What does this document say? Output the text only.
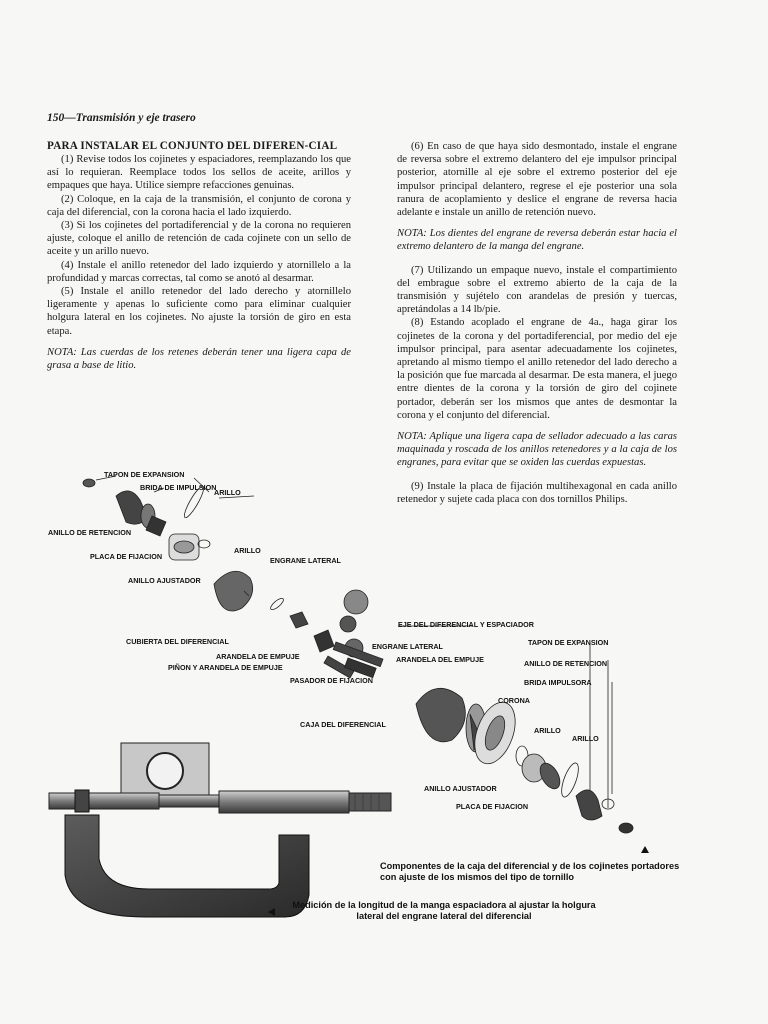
150—Transmisión y eje trasero
PARA INSTALAR EL CONJUNTO DEL DIFEREN-CIAL

(1) Revise todos los cojinetes y espaciadores, reemplazando los que así lo requieran. Reemplace todos los sellos de aceite, arillos y empaques que haya. Utilice siempre refacciones genuinas.

(2) Coloque, en la caja de la transmisión, el conjunto de corona y caja del diferencial, con la corona hacia el lado izquierdo.

(3) Si los cojinetes del portadiferencial y de la corona no requieren ajuste, coloque el anillo de retención de cada cojinete con un sello de aceite y un arillo nuevo.

(4) Instale el anillo retenedor del lado izquierdo y atornillelo a la profundidad y marcas correctas, tal como se anotó al desarmar.

(5) Instale el anillo retenedor del lado derecho y atornillelo ligeramente y apenas lo suficiente como para eliminar cualquier holgura lateral en los cojinetes. No ajuste la torsión de giro en esta etapa.

NOTA: Las cuerdas de los retenes deberán tener una ligera capa de grasa a base de litio.

(6) En caso de que haya sido desmontado, instale el engrane de reversa sobre el extremo delantero del eje impulsor principal posterior, atornille al eje sobre el extremo posterior del eje impulsor principal delantero, regrese el eje posterior una sola ranura de acoplamiento y deslice el engrane de reversa hacia adelante e instale un anillo de retención nuevo.

NOTA: Los dientes del engrane de reversa deberán estar hacia el extremo delantero de la manga del engrane.

(7) Utilizando un empaque nuevo, instale el compartimiento del embrague sobre el extremo abierto de la caja de la transmisión y sujételo con arandelas de presión y tuercas, apretándolas a 14 lb/pie.

(8) Estando acoplado el engrane de 4a., haga girar los cojinetes de la corona y del portadiferencial, por medio del eje impulsor principal, para asentar adecuadamente los cojinetes, apretando al mismo tiempo el anillo retenedor del lado derecho a la posición que fue marcada al desarmar. De esta manera, el juego entre dientes de la corona y la torsión de giro del cojinete portador, deberán ser los mismos que antes de desmontar la corona y el conjunto del diferencial.

NOTA: Aplique una ligera capa de sellador adecuado a las caras maquinada y roscada de los anillos retenedores y a la caja de los engranes, para evitar que se oxiden las cuerdas expuestas.

(9) Instale la placa de fijación multihexagonal en cada anillo retenedor y sujete cada placa con dos tornillos Philips.

TAPON DE EXPANSION
BRIDA DE IMPULSION
ARILLO
ANILLO DE RETENCION
PLACA DE FIJACION
ARILLO
ENGRANE LATERAL
ANILLO AJUSTADOR
CUBIERTA DEL DIFERENCIAL
ARANDELA DE EMPUJE
PIÑON Y ARANDELA DE EMPUJE
EJE DEL DIFERENCIAL Y ESPACIADOR
ENGRANE LATERAL
ARANDELA DEL EMPUJE
PASADOR DE FIJACION
CAJA DEL DIFERENCIAL
TAPON DE EXPANSION
ANILLO DE RETENCION
BRIDA IMPULSORA
CORONA
ARILLO
ARILLO
ANILLO AJUSTADOR
PLACA DE FIJACION
Componentes de la caja del diferencial y de los cojinetes portadores con ajuste de los mismos del tipo de tornillo
Medición de la longitud de la manga espaciadora al ajustar la holgura lateral del engrane lateral del diferencial
